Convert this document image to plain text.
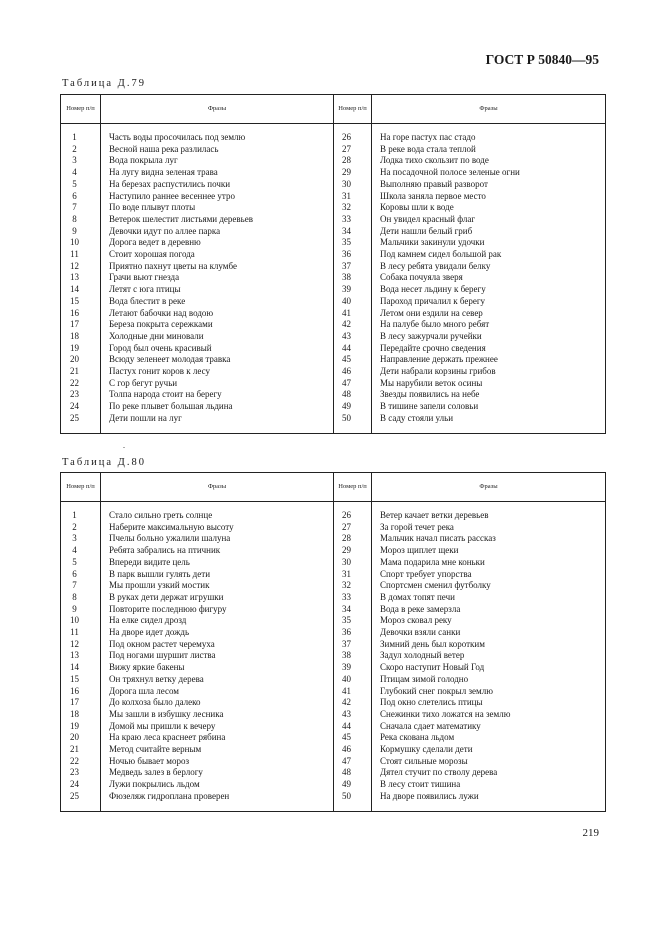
ГОСТ Р 50840—95
Таблица Д.79
Номер п/п	Фразы	Номер п/п	Фразы

1	Часть воды просочилась под землю	26	На горе пастух пас стадо
2	Весной наша река разлилась	27	В реке вода стала теплой
3	Вода покрыла луг	28	Лодка тихо скользит по воде
4	На лугу видна зеленая трава	29	На посадочной полосе зеленые огни
5	На березах распустились почки	30	Выполняю правый разворот
6	Наступило раннее весеннее утро	31	Школа заняла первое место
7	По воде плывут плоты	32	Коровы шли к воде
8	Ветерок шелестит листьями деревьев	33	Он увидел красный флаг
9	Девочки идут по аллее парка	34	Дети нашли белый гриб
10	Дорога ведет в деревню	35	Мальчики закинули удочки
11	Стоит хорошая погода	36	Под камнем сидел большой рак
12	Приятно пахнут цветы на клумбе	37	В лесу ребята увидали белку
13	Грачи вьют гнезда	38	Собака почуяла зверя
14	Летят с юга птицы	39	Вода несет льдину к берегу
15	Вода блестит в реке	40	Пароход причалил к берегу
16	Летают бабочки над водою	41	Летом они ездили на север
17	Береза покрыта сережками	42	На палубе было много ребят
18	Холодные дни миновали	43	В лесу зажурчали ручейки
19	Город был очень красивый	44	Передайте срочно сведения
20	Всюду зеленеет молодая травка	45	Направление держать прежнее
21	Пастух гонит коров к лесу	46	Дети набрали корзины грибов
22	С гор бегут ручьи	47	Мы нарубили веток осины
23	Толпа народа стоит на берегу	48	Звезды появились на небе
24	По реке плывет большая льдина	49	В тишине запели соловьи
25	Дети пошли на луг	50	В саду стояли ульи

.
Таблица Д.80
Номер п/п	Фразы	Номер п/п	Фразы

1	Стало сильно греть солнце	26	Ветер качает ветки деревьев
2	Наберите максимальную высоту	27	За горой течет река
3	Пчелы больно ужалили шалуна	28	Мальчик начал писать рассказ
4	Ребята забрались на птичник	29	Мороз щиплет щеки
5	Впереди видите цель	30	Мама подарила мне коньки
6	В парк вышли гулять дети	31	Спорт требует упорства
7	Мы прошли узкий мостик	32	Спортсмен сменил футболку
8	В руках дети держат игрушки	33	В домах топят печи
9	Повторите последнюю фигуру	34	Вода в реке замерзла
10	На елке сидел дрозд	35	Мороз сковал реку
11	На дворе идет дождь	36	Девочки взяли санки
12	Под окном растет черемуха	37	Зимний день был коротким
13	Под ногами шуршит листва	38	Задул холодный ветер
14	Вижу яркие бакены	39	Скоро наступит Новый Год
15	Он тряхнул ветку дерева	40	Птицам зимой голодно
16	Дорога шла лесом	41	Глубокий снег покрыл землю
17	До колхоза было далеко	42	Под окно слетелись птицы
18	Мы зашли в избушку лесника	43	Снежинки тихо ложатся на землю
19	Домой мы пришли к вечеру	44	Сначала сдает математику
20	На краю леса краснеет рябина	45	Река скована льдом
21	Метод считайте верным	46	Кормушку сделали дети
22	Ночью бывает мороз	47	Стоят сильные морозы
23	Медведь залез в берлогу	48	Дятел стучит по стволу дерева
24	Лужи покрылись льдом	49	В лесу стоит тишина
25	Фюзеляж гидроплана проверен	50	На дворе появились лужи

219
